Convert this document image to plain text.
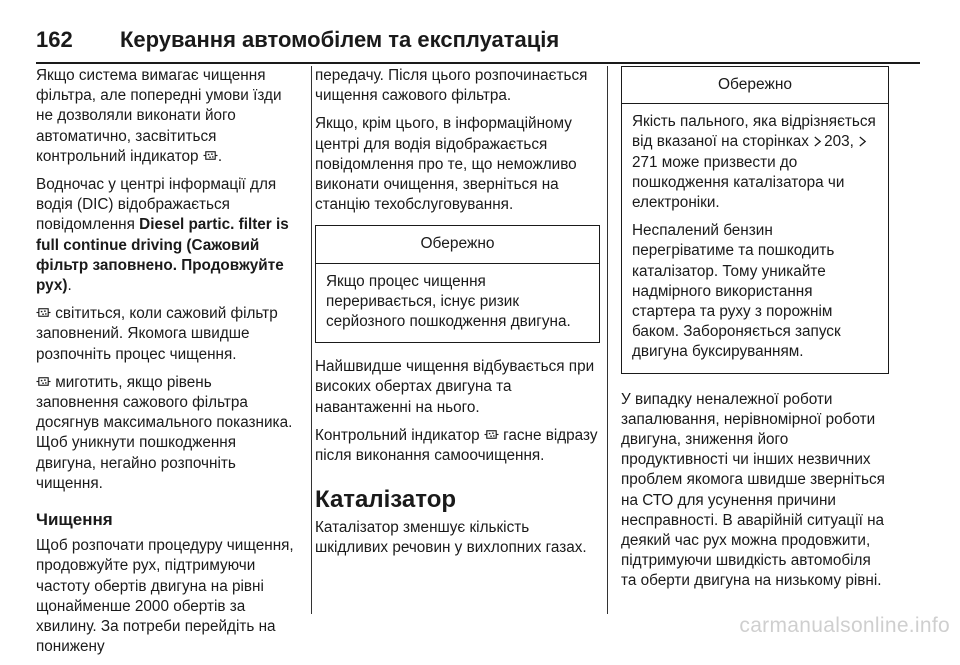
162	Керування автомобілем та експлуатація

Якщо система вимагає чищення фільтра, але попередні умови їзди не дозволяли виконати його автоматично, засвітиться контрольний індикатор .

Водночас у центрі інформації для водія (DIC) відображається повідомлення Diesel partic. filter is full continue driving (Сажовий фільтр заповнено. Продовжуйте рух).

світиться, коли сажовий фільтр заповнений. Якомога швидше розпочніть процес чищення.

миготить, якщо рівень заповнення сажового фільтра досягнув максимального показника. Щоб уникнути пошкодження двигуна, негайно розпочніть чищення.

Чищення

Щоб розпочати процедуру чищення, продовжуйте рух, підтримуючи частоту обертів двигуна на рівні щонайменше 2000 обертів за хвилину. За потреби перейдіть на понижену

передачу. Після цього розпочинається чищення сажового фільтра.

Якщо, крім цього, в інформаційному центрі для водія відображається повідомлення про те, що неможливо виконати очищення, зверніться на станцію техобслуговування.

Обережно

Якщо процес чищення переривається, існує ризик серйозного пошкодження двигуна.

Найшвидше чищення відбувається при високих обертах двигуна та навантаженні на нього.

Контрольний індикатор гасне відразу після виконання самоочищення.

Каталізатор

Каталізатор зменшує кількість шкідливих речовин у вихлопних газах.

Обережно

Якість пального, яка відрізняється від вказаної на сторінках 203, 271 може призвести до пошкодження каталізатора чи електроніки.

Неспалений бензин перегріватиме та пошкодить каталізатор. Тому уникайте надмірного використання стартера та руху з порожнім баком. Забороняється запуск двигуна буксируванням.

У випадку неналежної роботи запалювання, нерівномірної роботи двигуна, зниження його продуктивності чи інших незвичних проблем якомога швидше зверніться на СТО для усунення причини несправності. В аварійній ситуації на деякий час рух можна продовжити, підтримуючи швидкість автомобіля та оберти двигуна на низькому рівні.

carmanualsonline.info
